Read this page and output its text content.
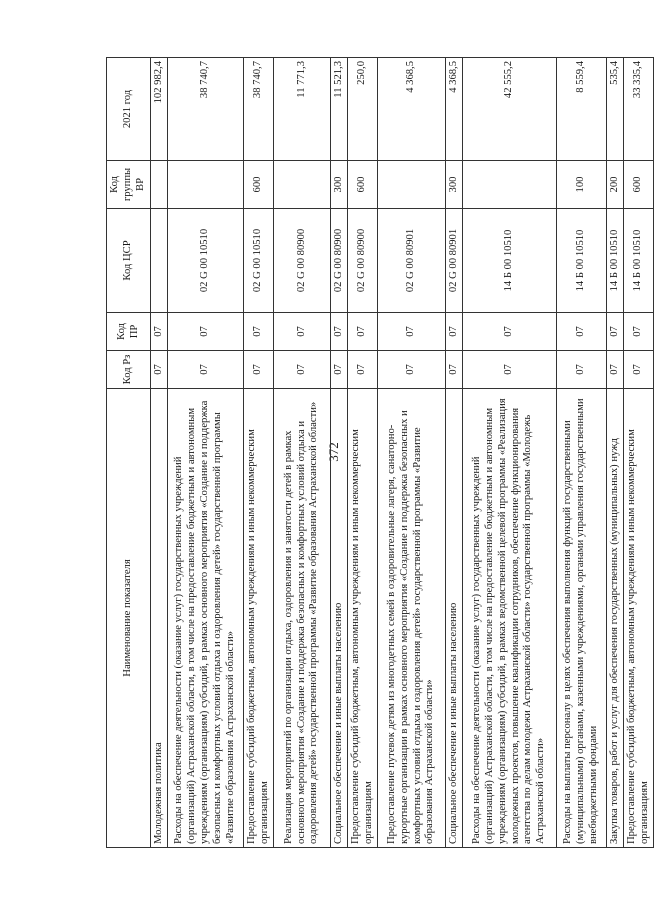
372
Наименование показателя	Код Рз	Код ПР	Код ЦСР	Код группы ВР	2021 год
Молодежная политика	07	07			102 982,4
Расходы на обеспечение деятельности (оказание услуг) государственных учреждений (организаций) Астраханской области, в том числе на предоставление бюджетным и автономным учреждениям (организациям) субсидий, в рамках основного мероприятия «Создание и поддержка безопасных и комфортных условий отдыха и оздоровления детей» государственной программы «Развитие образования Астраханской области»	07	07	02 G 00 10510		38 740,7
Предоставление субсидий бюджетным, автономным учреждениям и иным некоммерческим организациям	07	07	02 G 00 10510	600	38 740,7
Реализация мероприятий по организации отдыха, оздоровления и занятости детей в рамках основного мероприятия «Создание и поддержка безопасных и комфортных условий отдыха и оздоровления детей» государственной программы «Развитие образования Астраханской области»	07	07	02 G 00 80900		11 771,3
Социальное обеспечение и иные выплаты населению	07	07	02 G 00 80900	300	11 521,3
Предоставление субсидий бюджетным, автономным учреждениям и иным некоммерческим организациям	07	07	02 G 00 80900	600	250,0
Предоставление путевок детям из многодетных семей в оздоровительные лагеря, санаторно-курортные организации в рамках основного мероприятия «Создание и поддержка безопасных и комфортных условий отдыха и оздоровления детей» государственной программы «Развитие образования Астраханской области»	07	07	02 G 00 80901		4 368,5
Социальное обеспечение и иные выплаты населению	07	07	02 G 00 80901	300	4 368,5
Расходы на обеспечение деятельности (оказание услуг) государственных учреждений (организаций) Астраханской области, в том числе на предоставление бюджетным и автономным учреждениям (организациям) субсидий, в рамках ведомственной целевой программы «Реализация молодежных проектов, повышение квалификации сотрудников, обеспечение функционирования агентства по делам молодежи Астраханской области» государственной программы «Молодежь Астраханской области»	07	07	14 Б 00 10510		42 555,2
Расходы на выплаты персоналу в целях обеспечения выполнения функций государственными (муниципальными) органами, казенными учреждениями, органами управления государственными внебюджетными фондами	07	07	14 Б 00 10510	100	8 559,4
Закупка товаров, работ и услуг для обеспечения государственных (муниципальных) нужд	07	07	14 Б 00 10510	200	535,4
Предоставление субсидий бюджетным, автономным учреждениям и иным некоммерческим организациям	07	07	14 Б 00 10510	600	33 335,4
